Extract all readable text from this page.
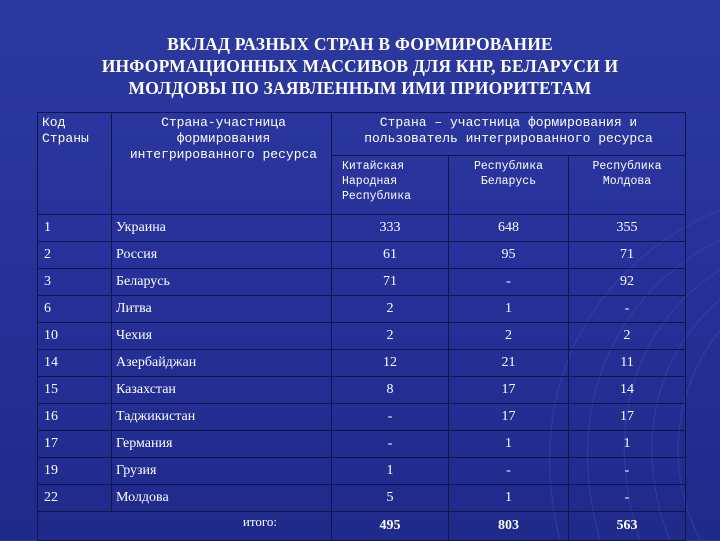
ВКЛАД РАЗНЫХ СТРАН В ФОРМИРОВАНИЕ
ИНФОРМАЦИОННЫХ МАССИВОВ ДЛЯ КНР, БЕЛАРУСИ И
МОЛДОВЫ ПО ЗАЯВЛЕННЫМ ИМИ ПРИОРИТЕТАМ
Код Страны	Страна-участница формирования интегрированного ресурса	Страна – участница формирования и пользователь интегрированного ресурса		
		Китайская Народная Республика	Республика Беларусь	Республика Молдова
1	Украина	333	648	355
2	Россия	61	95	71
3	Беларусь	71	-	92
6	Литва	2	1	-
10	Чехия	2	2	2
14	Азербайджан	12	21	11
15	Казахстан	8	17	14
16	Таджикистан	-	17	17
17	Германия	-	1	1
19	Грузия	1	-	-
22	Молдова	5	1	-
итого:		495	803	563
